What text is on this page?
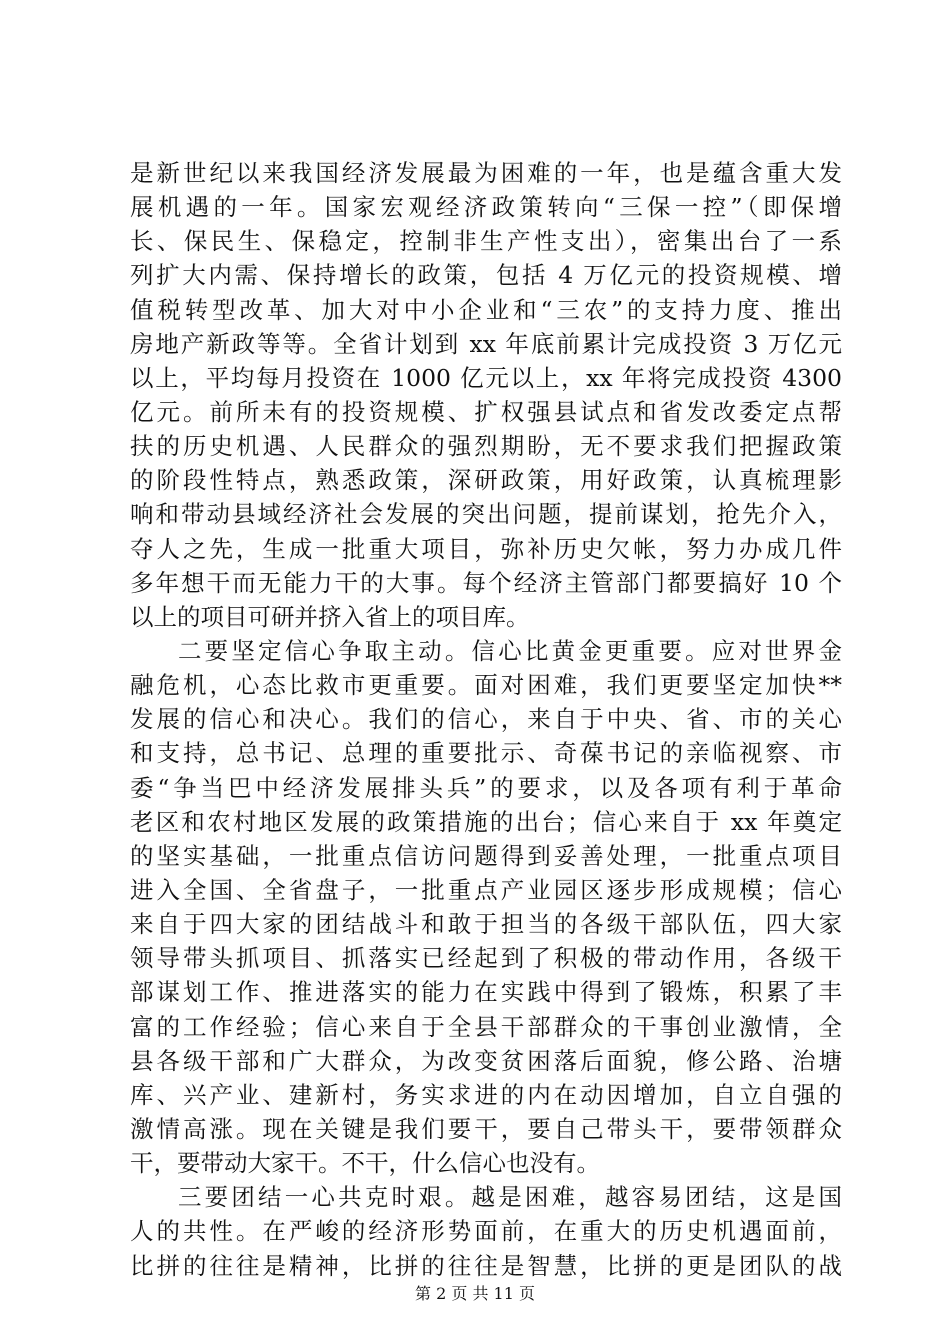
是新世纪以来我国经济发展最为困难的一年，也是蕴含重大发
展机遇的一年。国家宏观经济政策转向“三保一控”（即保增
长、保民生、保稳定，控制非生产性支出），密集出台了一系
列扩大内需、保持增长的政策，包括 4 万亿元的投资规模、增
值税转型改革、加大对中小企业和“三农”的支持力度、推出
房地产新政等等。全省计划到 xx 年底前累计完成投资 3 万亿元
以上，平均每月投资在 1000 亿元以上，xx 年将完成投资 4300
亿元。前所未有的投资规模、扩权强县试点和省发改委定点帮
扶的历史机遇、人民群众的强烈期盼，无不要求我们把握政策
的阶段性特点，熟悉政策，深研政策，用好政策，认真梳理影
响和带动县域经济社会发展的突出问题，提前谋划，抢先介入，
夺人之先，生成一批重大项目，弥补历史欠帐，努力办成几件
多年想干而无能力干的大事。每个经济主管部门都要搞好 10 个
以上的项目可研并挤入省上的项目库。
二要坚定信心争取主动。信心比黄金更重要。应对世界金
融危机，心态比救市更重要。面对困难，我们更要坚定加快**
发展的信心和决心。我们的信心，来自于中央、省、市的关心
和支持，总书记、总理的重要批示、奇葆书记的亲临视察、市
委“争当巴中经济发展排头兵”的要求，以及各项有利于革命
老区和农村地区发展的政策措施的出台；信心来自于 xx 年奠定
的坚实基础，一批重点信访问题得到妥善处理，一批重点项目
进入全国、全省盘子，一批重点产业园区逐步形成规模；信心
来自于四大家的团结战斗和敢于担当的各级干部队伍，四大家
领导带头抓项目、抓落实已经起到了积极的带动作用，各级干
部谋划工作、推进落实的能力在实践中得到了锻炼，积累了丰
富的工作经验；信心来自于全县干部群众的干事创业激情，全
县各级干部和广大群众，为改变贫困落后面貌，修公路、治塘
库、兴产业、建新村，务实求进的内在动因增加，自立自强的
激情高涨。现在关键是我们要干，要自己带头干，要带领群众
干，要带动大家干。不干，什么信心也没有。
三要团结一心共克时艰。越是困难，越容易团结，这是国
人的共性。在严峻的经济形势面前，在重大的历史机遇面前，
比拼的往往是精神，比拼的往往是智慧，比拼的更是团队的战
第 2 页 共 11 页
